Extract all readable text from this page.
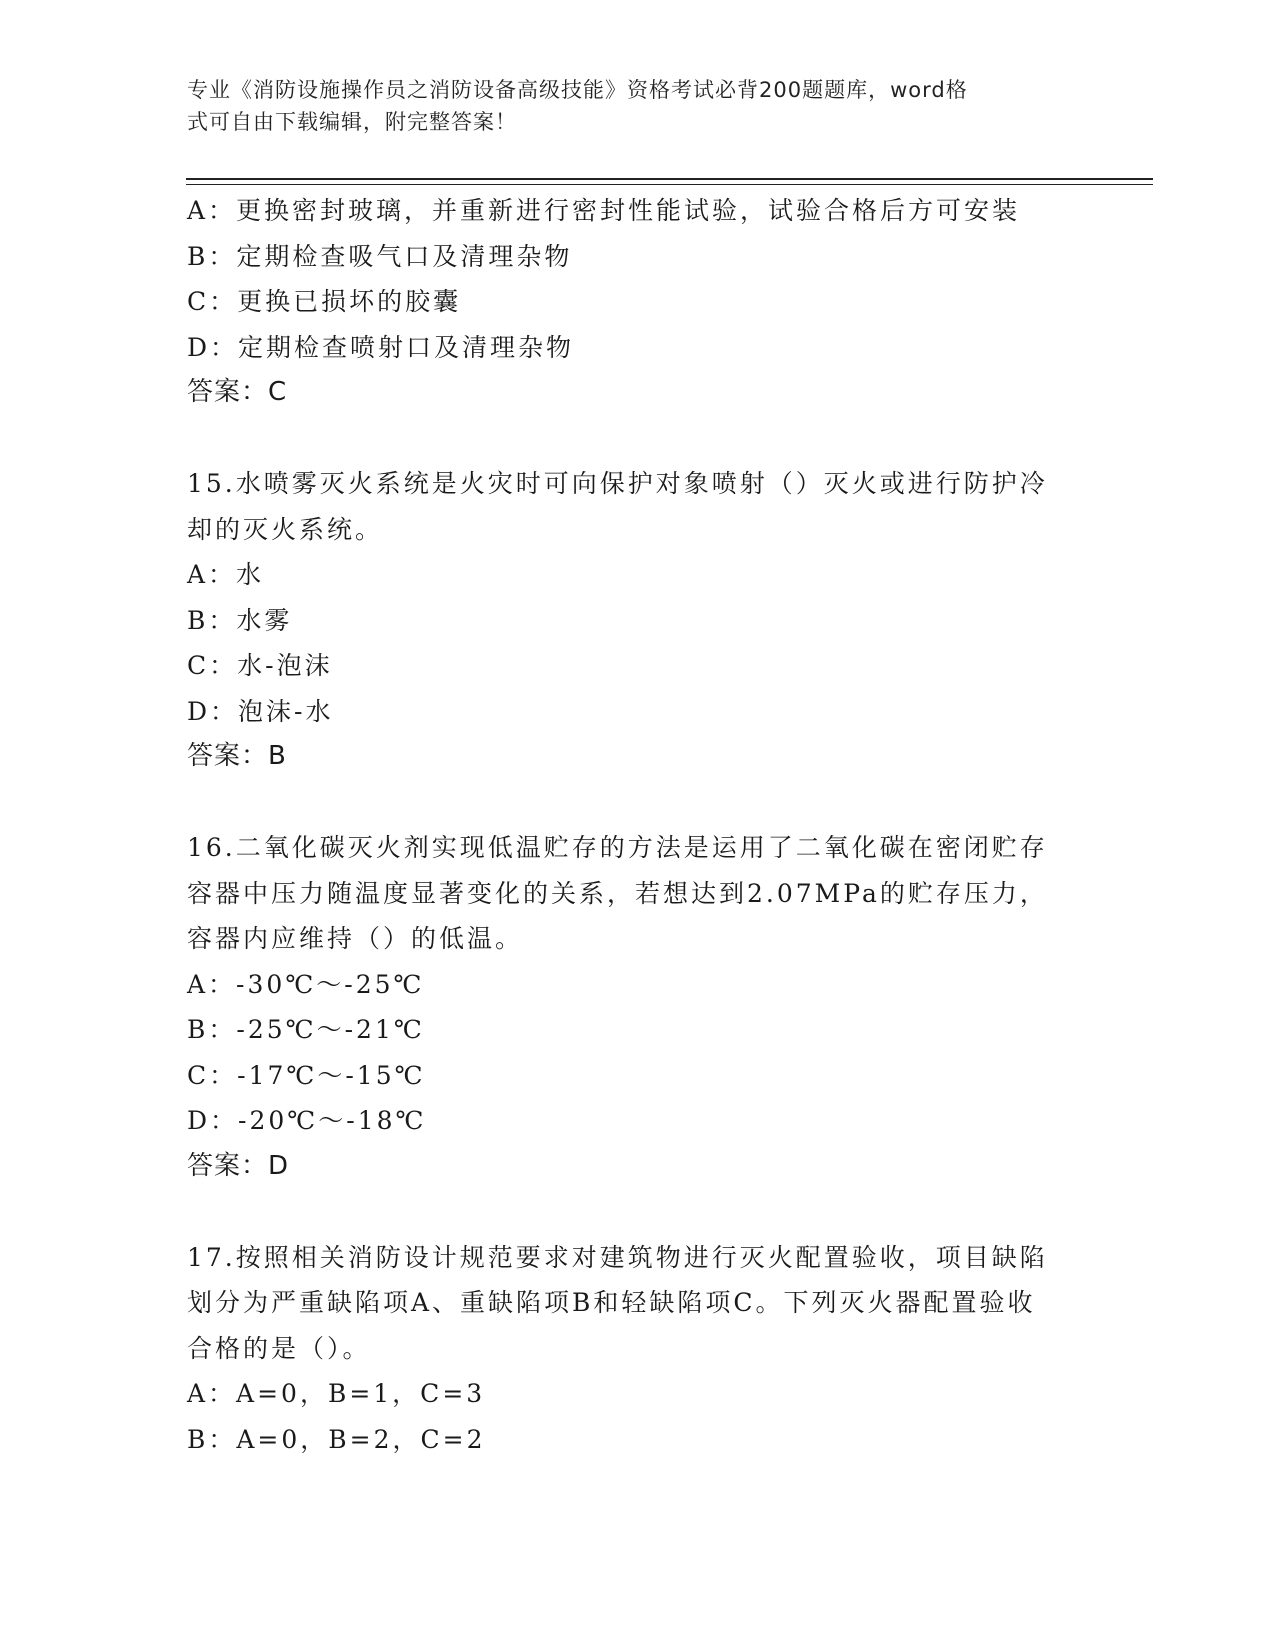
专业《消防设施操作员之消防设备高级技能》资格考试必背200题题库，word格
式可自由下载编辑，附完整答案！
A：更换密封玻璃，并重新进行密封性能试验，试验合格后方可安装
B：定期检查吸气口及清理杂物
C：更换已损坏的胶囊
D：定期检查喷射口及清理杂物
答案：C
15.水喷雾灭火系统是火灾时可向保护对象喷射（）灭火或进行防护冷
却的灭火系统。
A：水
B：水雾
C：水-泡沫
D：泡沫-水
答案：B
16.二氧化碳灭火剂实现低温贮存的方法是运用了二氧化碳在密闭贮存
容器中压力随温度显著变化的关系，若想达到2.07MPa的贮存压力，
容器内应维持（）的低温。
A：-30℃～-25℃
B：-25℃～-21℃
C：-17℃～-15℃
D：-20℃～-18℃
答案：D
17.按照相关消防设计规范要求对建筑物进行灭火配置验收，项目缺陷
划分为严重缺陷项A、重缺陷项B和轻缺陷项C。下列灭火器配置验收
合格的是（）。
A：A=0，B=1，C=3
B：A=0，B=2，C=2
